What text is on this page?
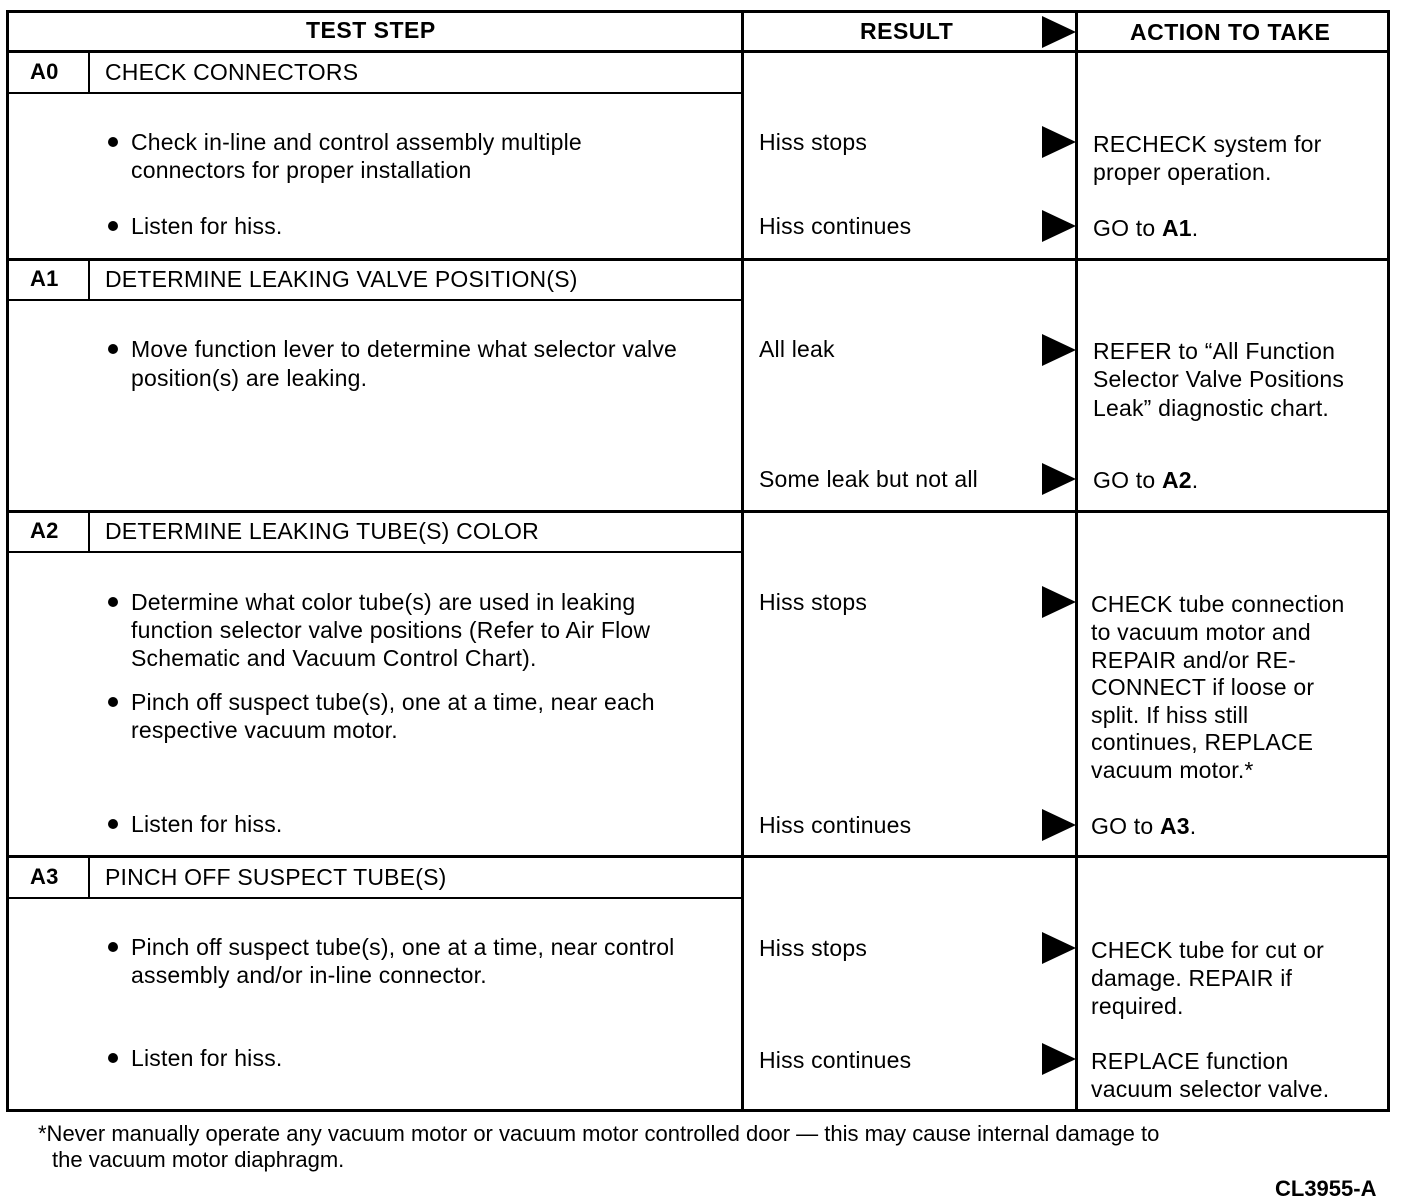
TEST STEP	RESULT	ACTION TO TAKE
A0 CHECK CONNECTORS
Check in-line and control assembly multiple
connectors for proper installation
Listen for hiss.
Hiss stops
Hiss continues
RECHECK system for
proper operation.
GO to A1.
A1 DETERMINE LEAKING VALVE POSITION(S)
Move function lever to determine what selector valve
position(s) are leaking.
All leak
Some leak but not all
REFER to “All Function
Selector Valve Positions
Leak” diagnostic chart.
GO to A2.
A2 DETERMINE LEAKING TUBE(S) COLOR
Determine what color tube(s) are used in leaking
function selector valve positions (Refer to Air Flow
Schematic and Vacuum Control Chart).
Pinch off suspect tube(s), one at a time, near each
respective vacuum motor.
Listen for hiss.
Hiss stops
Hiss continues
CHECK tube connection
to vacuum motor and
REPAIR and/or RE-
CONNECT if loose or
split. If hiss still
continues, REPLACE
vacuum motor.*
GO to A3.
A3 PINCH OFF SUSPECT TUBE(S)
Pinch off suspect tube(s), one at a time, near control
assembly and/or in-line connector.
Listen for hiss.
Hiss stops
Hiss continues
CHECK tube for cut or
damage. REPAIR if
required.
REPLACE function
vacuum selector valve.
*Never manually operate any vacuum motor or vacuum motor controlled door — this may cause internal damage to
the vacuum motor diaphragm.
CL3955-A
